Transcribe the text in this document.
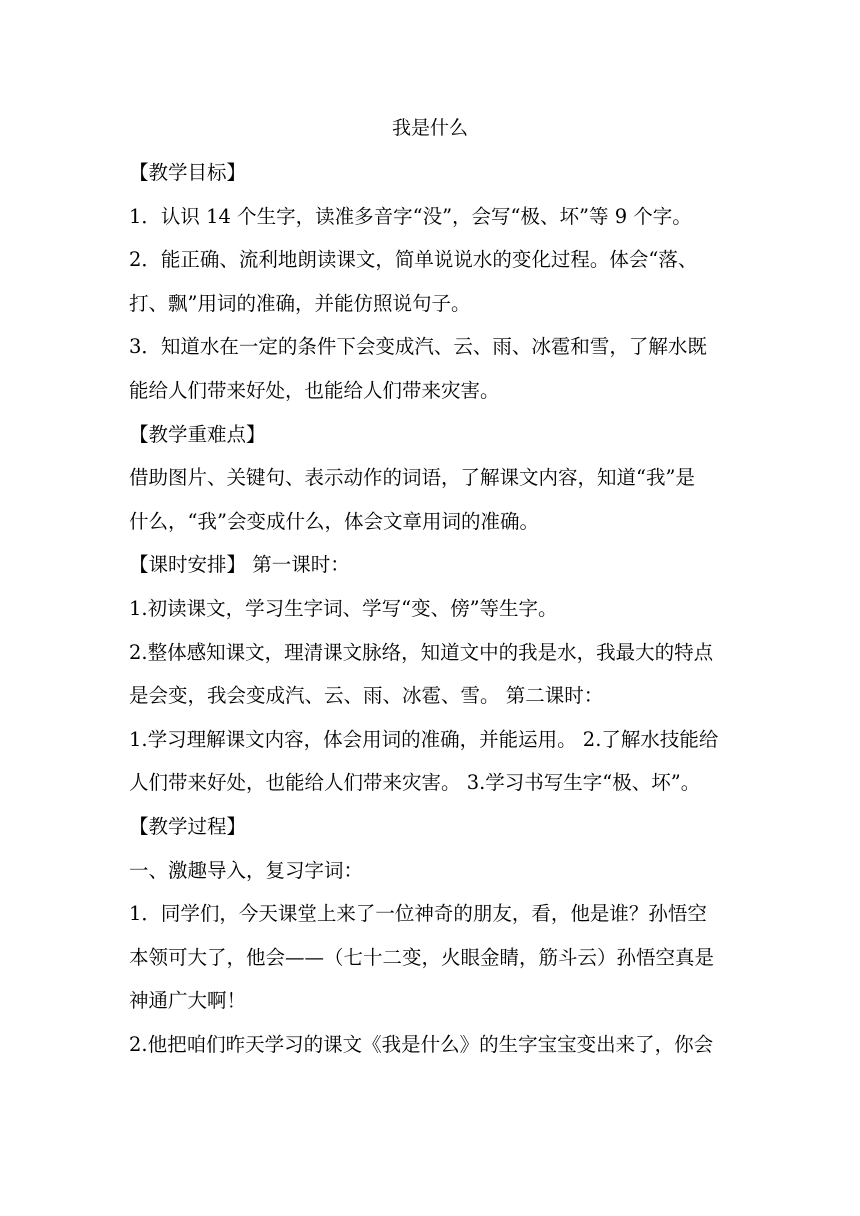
我是什么
【教学目标】
1．认识 14 个生字，读准多音字“没”，会写“极、坏”等 9 个字。
2．能正确、流利地朗读课文，简单说说水的变化过程。体会“落、
打、飘”用词的准确，并能仿照说句子。
3．知道水在一定的条件下会变成汽、云、雨、冰雹和雪，了解水既
能给人们带来好处，也能给人们带来灾害。
【教学重难点】
借助图片、关键句、表示动作的词语，了解课文内容，知道“我”是
什么，“我”会变成什么，体会文章用词的准确。
【课时安排】 第一课时：
1.初读课文，学习生字词、学写“变、傍”等生字。
2.整体感知课文，理清课文脉络，知道文中的我是水，我最大的特点
是会变，我会变成汽、云、雨、冰雹、雪。 第二课时：
1.学习理解课文内容，体会用词的准确，并能运用。 2.了解水技能给
人们带来好处，也能给人们带来灾害。 3.学习书写生字“极、坏”。
【教学过程】
一、激趣导入，复习字词：
1．同学们，今天课堂上来了一位神奇的朋友，看，他是谁？孙悟空
本领可大了，他会——（七十二变，火眼金睛，筋斗云）孙悟空真是
神通广大啊！
2.他把咱们昨天学习的课文《我是什么》的生字宝宝变出来了，你会
